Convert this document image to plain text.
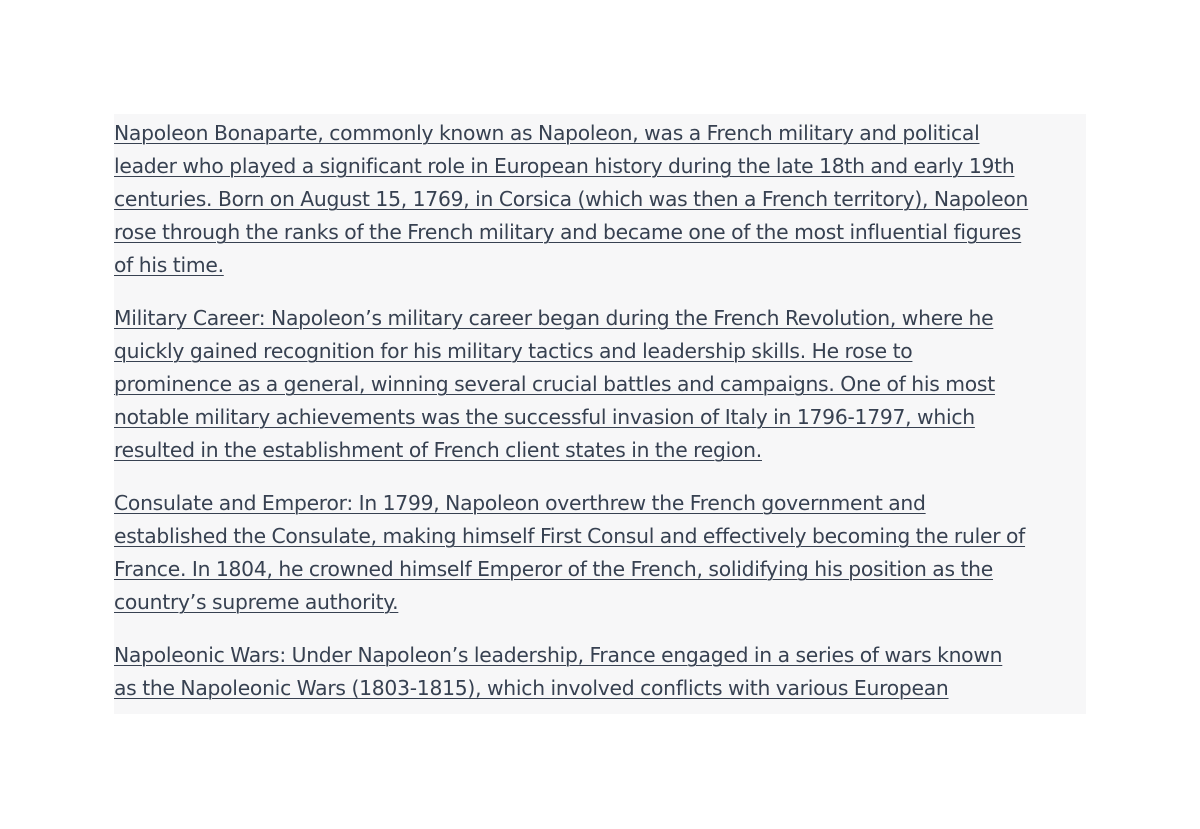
Napoleon Bonaparte, commonly known as Napoleon, was a French military and political
leader who played a significant role in European history during the late 18th and early 19th
centuries. Born on August 15, 1769, in Corsica (which was then a French territory), Napoleon
rose through the ranks of the French military and became one of the most influential figures
of his time.

Military Career: Napoleon’s military career began during the French Revolution, where he
quickly gained recognition for his military tactics and leadership skills. He rose to
prominence as a general, winning several crucial battles and campaigns. One of his most
notable military achievements was the successful invasion of Italy in 1796-1797, which
resulted in the establishment of French client states in the region.

Consulate and Emperor: In 1799, Napoleon overthrew the French government and
established the Consulate, making himself First Consul and effectively becoming the ruler of
France. In 1804, he crowned himself Emperor of the French, solidifying his position as the
country’s supreme authority.

Napoleonic Wars: Under Napoleon’s leadership, France engaged in a series of wars known
as the Napoleonic Wars (1803-1815), which involved conflicts with various European
